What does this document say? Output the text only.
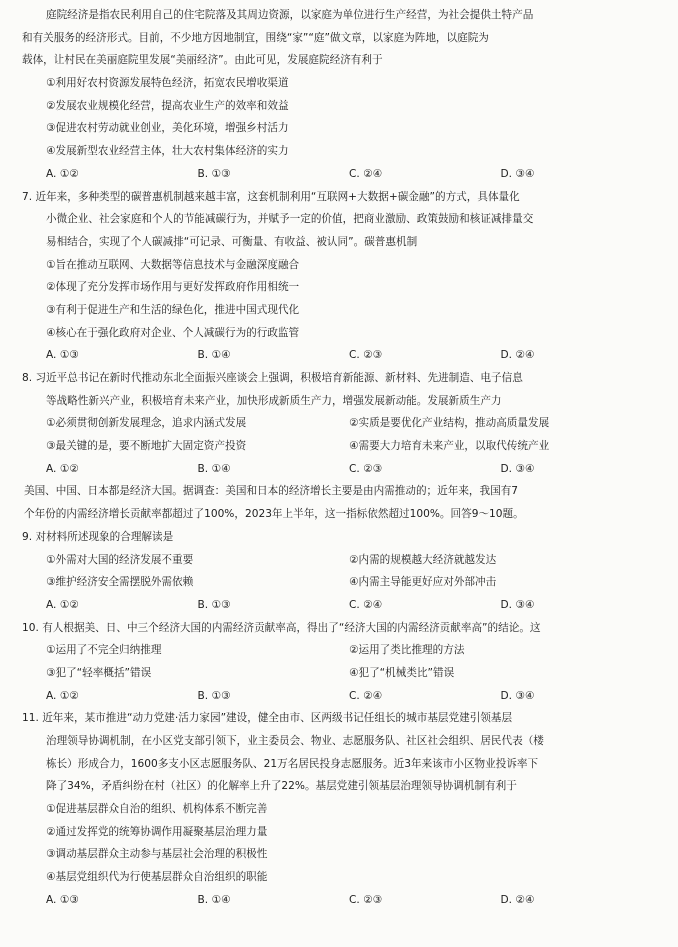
庭院经济是指农民利用自己的住宅院落及其周边资源，以家庭为单位进行生产经营，为社会提供土特产品
和有关服务的经济形式。目前，不少地方因地制宜，围绕“家”“庭”做文章，以家庭为阵地，以庭院为
载体，让村民在美丽庭院里发展“美丽经济”。由此可见，发展庭院经济有利于
①利用好农村资源发展特色经济，拓宽农民增收渠道
②发展农业规模化经营，提高农业生产的效率和效益
③促进农村劳动就业创业，美化环境，增强乡村活力
④发展新型农业经营主体，壮大农村集体经济的实力
A. ①②	B. ①③	C. ②④	D. ③④
7. 近年来，多种类型的碳普惠机制越来越丰富，这套机制利用“互联网+大数据+碳金融”的方式，具体量化
小微企业、社会家庭和个人的节能减碳行为，并赋予一定的价值，把商业激励、政策鼓励和核证减排量交
易相结合，实现了个人碳减排“可记录、可衡量、有收益、被认同”。碳普惠机制
①旨在推动互联网、大数据等信息技术与金融深度融合
②体现了充分发挥市场作用与更好发挥政府作用相统一
③有利于促进生产和生活的绿色化，推进中国式现代化
④核心在于强化政府对企业、个人减碳行为的行政监管
A. ①③	B. ①④	C. ②③	D. ②④
8. 习近平总书记在新时代推动东北全面振兴座谈会上强调，积极培育新能源、新材料、先进制造、电子信息
等战略性新兴产业，积极培育未来产业，加快形成新质生产力，增强发展新动能。发展新质生产力
①必须贯彻创新发展理念，追求内涵式发展	②实质是要优化产业结构，推动高质量发展
③最关键的是，要不断地扩大固定资产投资	④需要大力培育未来产业，以取代传统产业
A. ①②	B. ①④	C. ②③	D. ③④
美国、中国、日本都是经济大国。据调查：美国和日本的经济增长主要是由内需推动的；近年来，我国有7
个年份的内需经济增长贡献率都超过了100%，2023年上半年，这一指标依然超过100%。回答9～10题。
9. 对材料所述现象的合理解读是
①外需对大国的经济发展不重要	②内需的规模越大经济就越发达
③维护经济安全需摆脱外需依赖	④内需主导能更好应对外部冲击
A. ①②	B. ①③	C. ②④	D. ③④
10. 有人根据美、日、中三个经济大国的内需经济贡献率高，得出了“经济大国的内需经济贡献率高”的结论。这
①运用了不完全归纳推理	②运用了类比推理的方法
③犯了“轻率概括”错误	④犯了“机械类比”错误
A. ①②	B. ①③	C. ②④	D. ③④
11. 近年来，某市推进“动力党建·活力家园”建设，健全由市、区两级书记任组长的城市基层党建引领基层
治理领导协调机制，在小区党支部引领下，业主委员会、物业、志愿服务队、社区社会组织、居民代表（楼
栋长）形成合力，1600多支小区志愿服务队、21万名居民投身志愿服务。近3年来该市小区物业投诉率下
降了34%，矛盾纠纷在村（社区）的化解率上升了22%。基层党建引领基层治理领导协调机制有利于
①促进基层群众自治的组织、机构体系不断完善
②通过发挥党的统筹协调作用凝聚基层治理力量
③调动基层群众主动参与基层社会治理的积极性
④基层党组织代为行使基层群众自治组织的职能
A. ①③	B. ①④	C. ②③	D. ②④
